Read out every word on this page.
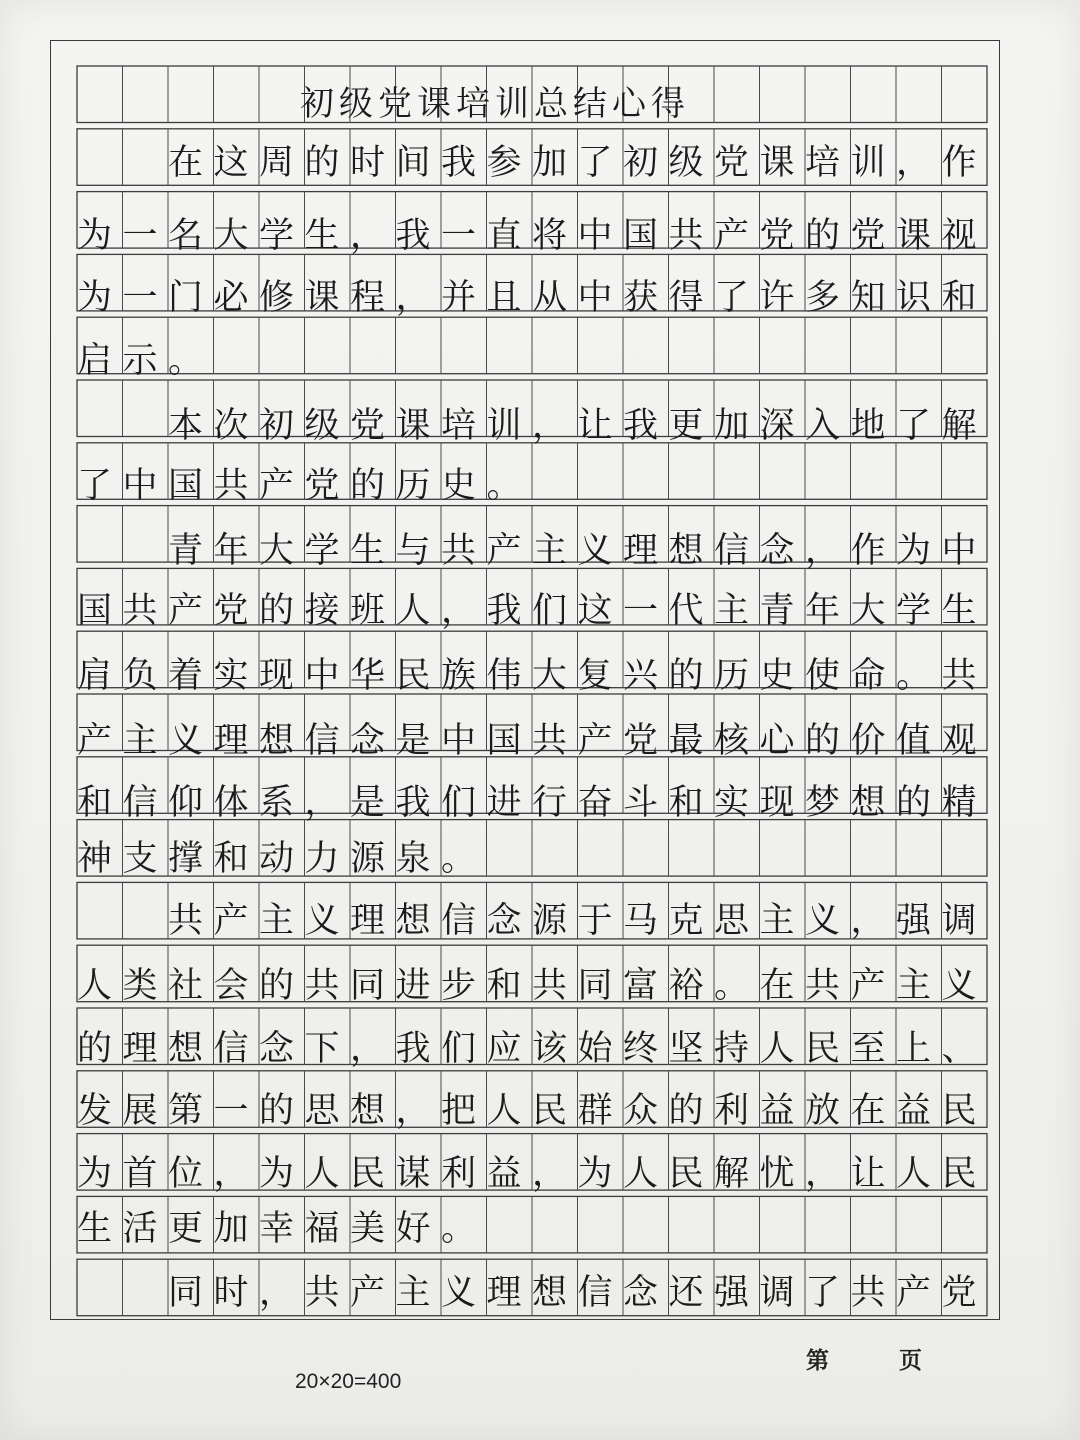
初级党课培训总结心得
在这周的时间我参加了初级党课培训，作
为一名大学生，我一直将中国共产党的党课视
为一门必修课程，并且从中获得了许多知识和
启示。
本次初级党课培训，让我更加深入地了解
了中国共产党的历史。
青年大学生与共产主义理想信念，作为中
国共产党的接班人，我们这一代主青年大学生
肩负着实现中华民族伟大复兴的历史使命。共
产主义理想信念是中国共产党最核心的价值观
和信仰体系，是我们进行奋斗和实现梦想的精
神支撑和动力源泉。
共产主义理想信念源于马克思主义，强调
人类社会的共同进步和共同富裕。在共产主义
的理想信念下，我们应该始终坚持人民至上、
发展第一的思想，把人民群众的利益放在益民
为首位，为人民谋利益，为人民解忧，让人民
生活更加幸福美好。
同时，共产主义理想信念还强调了共产党
20×20=400
第	页
